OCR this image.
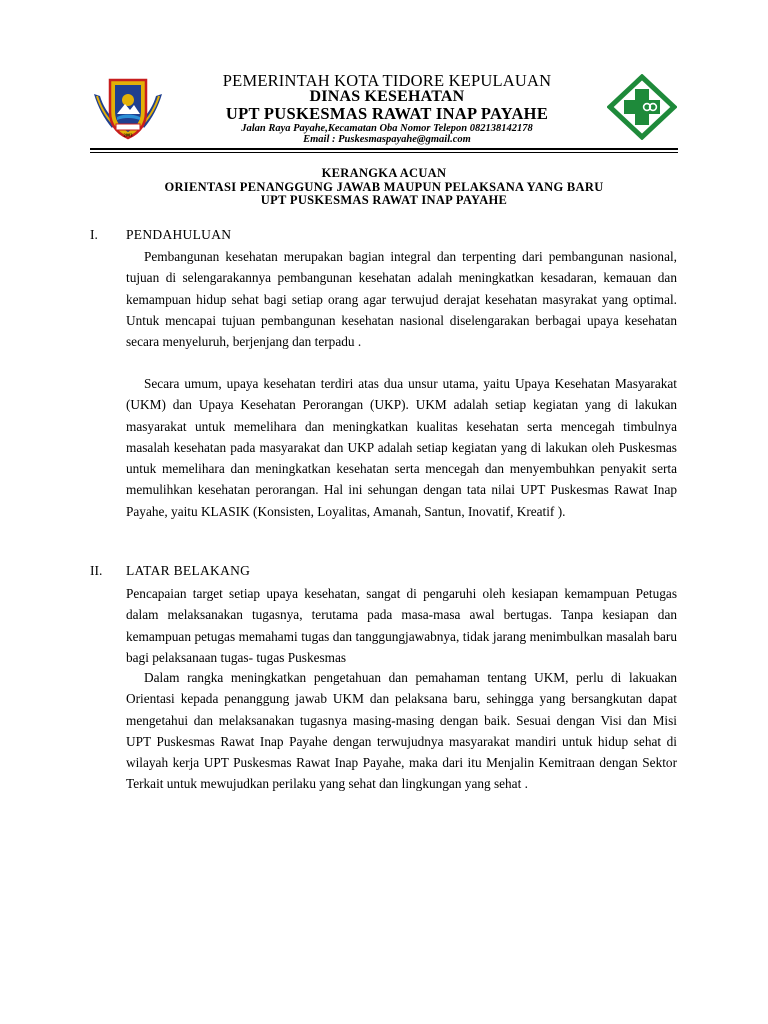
2003
PEMERINTAH KOTA TIDORE KEPULAUAN
DINAS KESEHATAN
UPT PUSKESMAS RAWAT INAP PAYAHE
Jalan Raya Payahe,Kecamatan Oba Nomor Telepon 082138142178
Email : Puskesmaspayahe@gmail.com
KERANGKA ACUAN
ORIENTASI PENANGGUNG JAWAB MAUPUN PELAKSANA YANG BARU
UPT PUSKESMAS RAWAT INAP PAYAHE
I. PENDAHULUAN
Pembangunan kesehatan merupakan bagian integral dan terpenting dari pembangunan nasional, tujuan di selengarakannya pembangunan kesehatan adalah meningkatkan kesadaran, kemauan dan kemampuan hidup sehat bagi setiap orang agar terwujud derajat kesehatan masyrakat yang optimal. Untuk mencapai tujuan pembangunan kesehatan nasional diselengarakan berbagai upaya kesehatan secara menyeluruh, berjenjang dan terpadu .
Secara umum, upaya kesehatan terdiri atas dua unsur utama, yaitu Upaya Kesehatan Masyarakat (UKM) dan Upaya Kesehatan Perorangan (UKP). UKM adalah setiap kegiatan yang di lakukan masyarakat untuk memelihara dan meningkatkan kualitas kesehatan serta mencegah timbulnya masalah kesehatan pada masyarakat dan UKP adalah setiap kegiatan yang di lakukan oleh Puskesmas untuk memelihara dan meningkatkan kesehatan serta mencegah dan menyembuhkan penyakit serta memulihkan kesehatan perorangan. Hal ini sehungan dengan tata nilai UPT Puskesmas Rawat Inap Payahe, yaitu KLASIK (Konsisten, Loyalitas, Amanah, Santun, Inovatif, Kreatif ).
II. LATAR BELAKANG
Pencapaian target setiap upaya kesehatan, sangat di pengaruhi oleh kesiapan kemampuan Petugas dalam melaksanakan tugasnya, terutama pada masa-masa awal bertugas. Tanpa kesiapan dan kemampuan petugas memahami tugas dan tanggungjawabnya, tidak jarang menimbulkan masalah baru bagi pelaksanaan tugas- tugas Puskesmas
Dalam rangka meningkatkan pengetahuan dan pemahaman tentang UKM, perlu di lakuakan Orientasi kepada penanggung jawab UKM dan pelaksana baru, sehingga yang bersangkutan dapat mengetahui dan melaksanakan tugasnya masing-masing dengan baik. Sesuai dengan Visi dan Misi UPT Puskesmas Rawat Inap Payahe dengan terwujudnya masyarakat mandiri untuk hidup sehat di wilayah kerja UPT Puskesmas Rawat Inap Payahe, maka dari itu Menjalin Kemitraan dengan Sektor Terkait untuk mewujudkan perilaku yang sehat dan lingkungan yang sehat .
